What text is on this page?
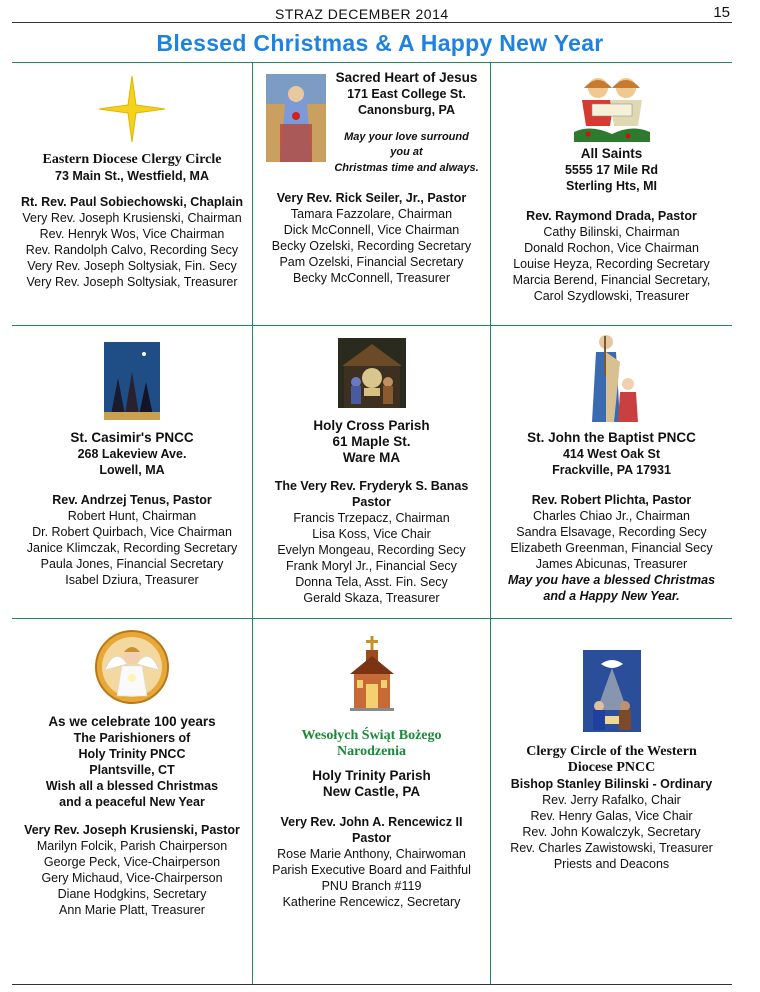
STRAZ DECEMBER 2014	15
Blessed Christmas & A Happy New Year
Eastern Diocese Clergy Circle
73 Main St., Westfield, MA
Rt. Rev. Paul Sobiechowski, Chaplain
Very Rev. Joseph Krusienski, Chairman
Rev. Henryk Wos, Vice Chairman
Rev. Randolph Calvo, Recording Secy
Very Rev. Joseph Soltysiak, Fin. Secy
Very Rev. Joseph Soltysiak, Treasurer
Sacred Heart of Jesus
171 East College St.
Canonsburg, PA
May your love surround
you at
Christmas time and always.
Very Rev. Rick Seiler, Jr., Pastor
Tamara Fazzolare, Chairman
Dick McConnell, Vice Chairman
Becky Ozelski, Recording Secretary
Pam Ozelski, Financial Secretary
Becky McConnell, Treasurer
All Saints
5555 17 Mile Rd
Sterling Hts, MI
Rev. Raymond Drada, Pastor
Cathy Bilinski, Chairman
Donald Rochon, Vice Chairman
Louise Heyza, Recording Secretary
Marcia Berend, Financial Secretary,
Carol Szydlowski, Treasurer
St. Casimir's PNCC
268 Lakeview Ave.
Lowell, MA
Rev. Andrzej Tenus, Pastor
Robert Hunt, Chairman
Dr. Robert Quirbach, Vice Chairman
Janice Klimczak, Recording Secretary
Paula Jones, Financial Secretary
Isabel Dziura, Treasurer
Holy Cross Parish
61 Maple St.
Ware MA
The Very Rev. Fryderyk S. Banas
Pastor
Francis Trzepacz, Chairman
Lisa Koss, Vice Chair
Evelyn Mongeau, Recording Secy
Frank Moryl Jr., Financial Secy
Donna Tela, Asst. Fin. Secy
Gerald Skaza, Treasurer
St. John the Baptist PNCC
414 West Oak St
Frackville, PA 17931
Rev. Robert Plichta, Pastor
Charles Chiao Jr., Chairman
Sandra Elsavage, Recording Secy
Elizabeth Greenman, Financial Secy
James Abicunas, Treasurer
May you have a blessed Christmas
and a Happy New Year.
As we celebrate 100 years
The Parishioners of
Holy Trinity PNCC
Plantsville, CT
Wish all a blessed Christmas
and a peaceful New Year
Very Rev. Joseph Krusienski, Pastor
Marilyn Folcik, Parish Chairperson
George Peck, Vice-Chairperson
Gery Michaud, Vice-Chairperson
Diane Hodgkins, Secretary
Ann Marie Platt, Treasurer
Wesołych Świąt Bożego
Narodzenia
Holy Trinity Parish
New Castle, PA
Very Rev. John A. Rencewicz II
Pastor
Rose Marie Anthony, Chairwoman
Parish Executive Board and Faithful
PNU Branch #119
Katherine Rencewicz, Secretary
Clergy Circle of the Western
Diocese PNCC
Bishop Stanley Bilinski - Ordinary
Rev. Jerry Rafalko, Chair
Rev. Henry Galas, Vice Chair
Rev. John Kowalczyk, Secretary
Rev. Charles Zawistowski, Treasurer
Priests and Deacons
